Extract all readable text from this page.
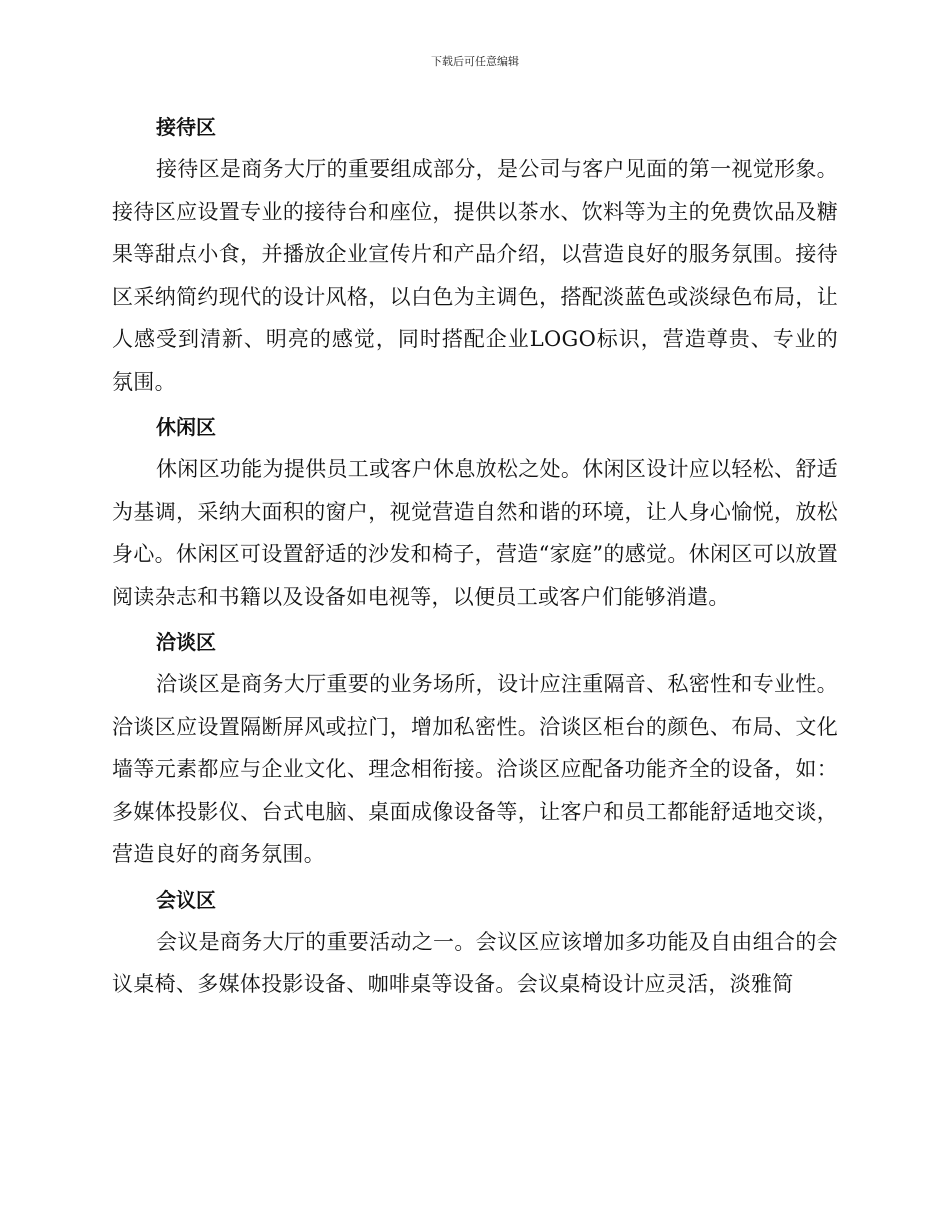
下载后可任意编辑
接待区

接待区是商务大厅的重要组成部分，是公司与客户见面的第一视觉形象。接待区应设置专业的接待台和座位，提供以茶水、饮料等为主的免费饮品及糖果等甜点小食，并播放企业宣传片和产品介绍，以营造良好的服务氛围。接待区采纳简约现代的设计风格，以白色为主调色，搭配淡蓝色或淡绿色布局，让人感受到清新、明亮的感觉，同时搭配企业LOGO标识，营造尊贵、专业的氛围。

休闲区

休闲区功能为提供员工或客户休息放松之处。休闲区设计应以轻松、舒适为基调，采纳大面积的窗户，视觉营造自然和谐的环境，让人身心愉悦，放松身心。休闲区可设置舒适的沙发和椅子，营造“家庭”的感觉。休闲区可以放置阅读杂志和书籍以及设备如电视等，以便员工或客户们能够消遣。

洽谈区

洽谈区是商务大厅重要的业务场所，设计应注重隔音、私密性和专业性。洽谈区应设置隔断屏风或拉门，增加私密性。洽谈区柜台的颜色、布局、文化墙等元素都应与企业文化、理念相衔接。洽谈区应配备功能齐全的设备，如：多媒体投影仪、台式电脑、桌面成像设备等，让客户和员工都能舒适地交谈，营造良好的商务氛围。

会议区

会议是商务大厅的重要活动之一。会议区应该增加多功能及自由组合的会议桌椅、多媒体投影设备、咖啡桌等设备。会议桌椅设计应灵活，淡雅简
